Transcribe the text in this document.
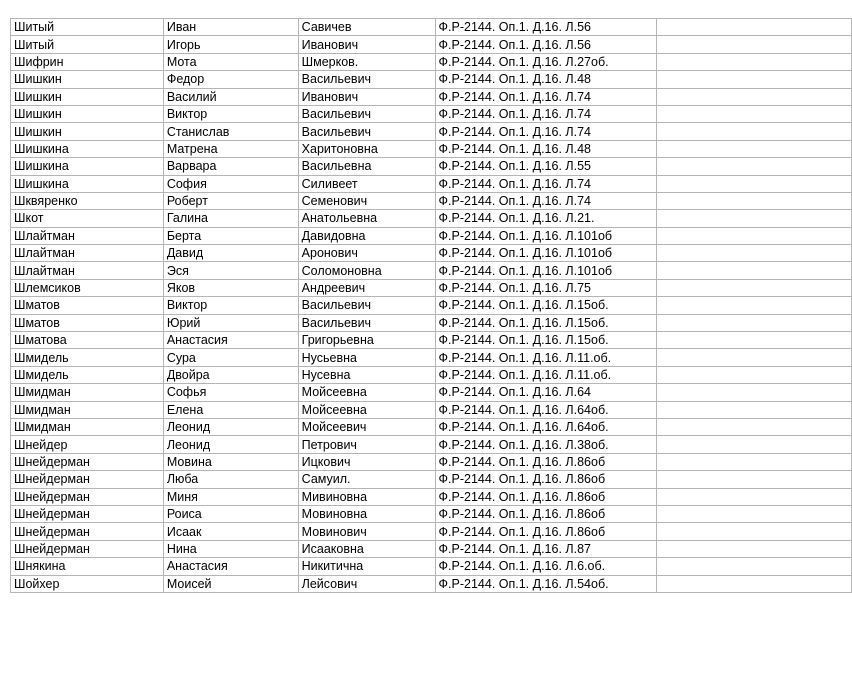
Шитый	Иван	Савичев	Ф.Р-2144. Оп.1. Д.16. Л.56	
Шитый	Игорь	Иванович	Ф.Р-2144. Оп.1. Д.16. Л.56	
Шифрин	Мота	Шмерков.	Ф.Р-2144. Оп.1. Д.16. Л.27об.	
Шишкин	Федор	Васильевич	Ф.Р-2144. Оп.1. Д.16. Л.48	
Шишкин	Василий	Иванович	Ф.Р-2144. Оп.1. Д.16. Л.74	
Шишкин	Виктор	Васильевич	Ф.Р-2144. Оп.1. Д.16. Л.74	
Шишкин	Станислав	Васильевич	Ф.Р-2144. Оп.1. Д.16. Л.74	
Шишкина	Матрена	Харитоновна	Ф.Р-2144. Оп.1. Д.16. Л.48	
Шишкина	Варвара	Васильевна	Ф.Р-2144. Оп.1. Д.16. Л.55	
Шишкина	София	Силивеет	Ф.Р-2144. Оп.1. Д.16. Л.74	
Шквяренко	Роберт	Семенович	Ф.Р-2144. Оп.1. Д.16. Л.74	
Шкот	Галина	Анатольевна	Ф.Р-2144. Оп.1. Д.16. Л.21.	
Шлайтман	Берта	Давидовна	Ф.Р-2144. Оп.1. Д.16. Л.101об	
Шлайтман	Давид	Аронович	Ф.Р-2144. Оп.1. Д.16. Л.101об	
Шлайтман	Эся	Соломоновна	Ф.Р-2144. Оп.1. Д.16. Л.101об	
Шлемсиков	Яков	Андреевич	Ф.Р-2144. Оп.1. Д.16. Л.75	
Шматов	Виктор	Васильевич	Ф.Р-2144. Оп.1. Д.16. Л.15об.	
Шматов	Юрий	Васильевич	Ф.Р-2144. Оп.1. Д.16. Л.15об.	
Шматова	Анастасия	Григорьевна	Ф.Р-2144. Оп.1. Д.16. Л.15об.	
Шмидель	Сура	Нусьевна	Ф.Р-2144. Оп.1. Д.16. Л.11.об.	
Шмидель	Двойра	Нусевна	Ф.Р-2144. Оп.1. Д.16. Л.11.об.	
Шмидман	Софья	Мойсеевна	Ф.Р-2144. Оп.1. Д.16. Л.64	
Шмидман	Елена	Мойсеевна	Ф.Р-2144. Оп.1. Д.16. Л.64об.	
Шмидман	Леонид	Мойсеевич	Ф.Р-2144. Оп.1. Д.16. Л.64об.	
Шнейдер	Леонид	Петрович	Ф.Р-2144. Оп.1. Д.16. Л.38об.	
Шнейдерман	Мовина	Ицкович	Ф.Р-2144. Оп.1. Д.16. Л.86об	
Шнейдерман	Люба	Самуил.	Ф.Р-2144. Оп.1. Д.16. Л.86об	
Шнейдерман	Миня	Мивиновна	Ф.Р-2144. Оп.1. Д.16. Л.86об	
Шнейдерман	Роиса	Мовиновна	Ф.Р-2144. Оп.1. Д.16. Л.86об	
Шнейдерман	Исаак	Мовинович	Ф.Р-2144. Оп.1. Д.16. Л.86об	
Шнейдерман	Нина	Исааковна	Ф.Р-2144. Оп.1. Д.16. Л.87	
Шнякина	Анастасия	Никитична	Ф.Р-2144. Оп.1. Д.16. Л.6.об.	
Шойхер	Моисей	Лейсович	Ф.Р-2144. Оп.1. Д.16. Л.54об.	
